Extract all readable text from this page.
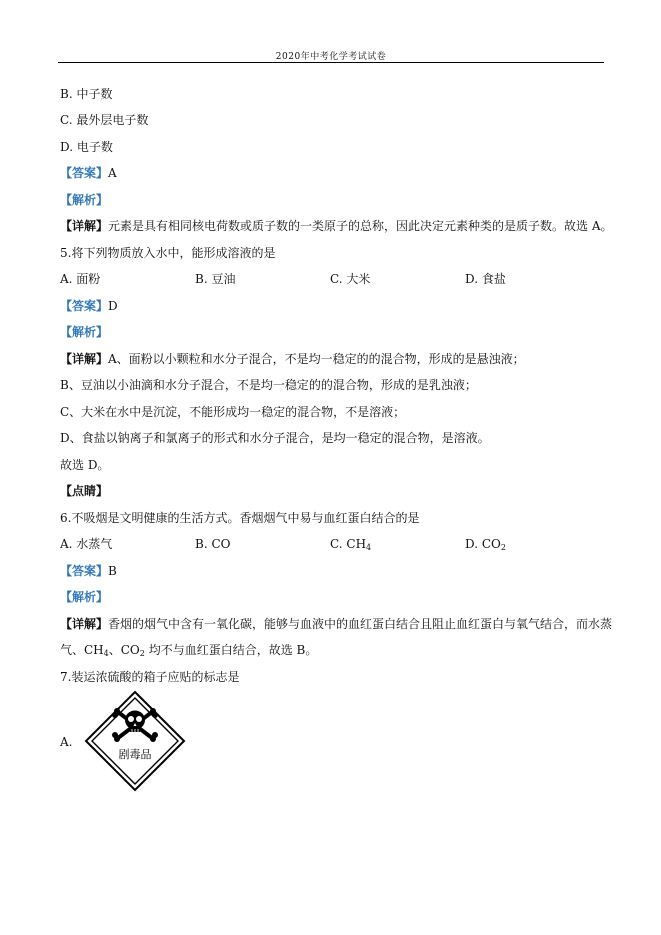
2020年中考化学考试试卷
B. 中子数
C. 最外层电子数
D. 电子数
【答案】A
【解析】
【详解】元素是具有相同核电荷数或质子数的一类原子的总称，因此决定元素种类的是质子数。故选 A。
5.将下列物质放入水中，能形成溶液的是
A. 面粉	B. 豆油	C. 大米	D. 食盐
【答案】D
【解析】
【详解】A、面粉以小颗粒和水分子混合，不是均一稳定的的混合物，形成的是悬浊液；
B、豆油以小油滴和水分子混合，不是均一稳定的的混合物，形成的是乳浊液；
C、大米在水中是沉淀，不能形成均一稳定的混合物，不是溶液；
D、食盐以钠离子和氯离子的形式和水分子混合，是均一稳定的混合物，是溶液。
故选 D。
【点睛】
6.不吸烟是文明健康的生活方式。香烟烟气中易与血红蛋白结合的是
A. 水蒸气	B. CO	C. $CH_4$	D. $CO_2$
【答案】B
【解析】
【详解】香烟的烟气中含有一氧化碳，能够与血液中的血红蛋白结合且阻止血红蛋白与氧气结合，而水蒸
气、$CH_4$、$CO_2$ 均不与血红蛋白结合，故选 B。
7.装运浓硫酸的箱子应贴的标志是
A.
剧毒品
